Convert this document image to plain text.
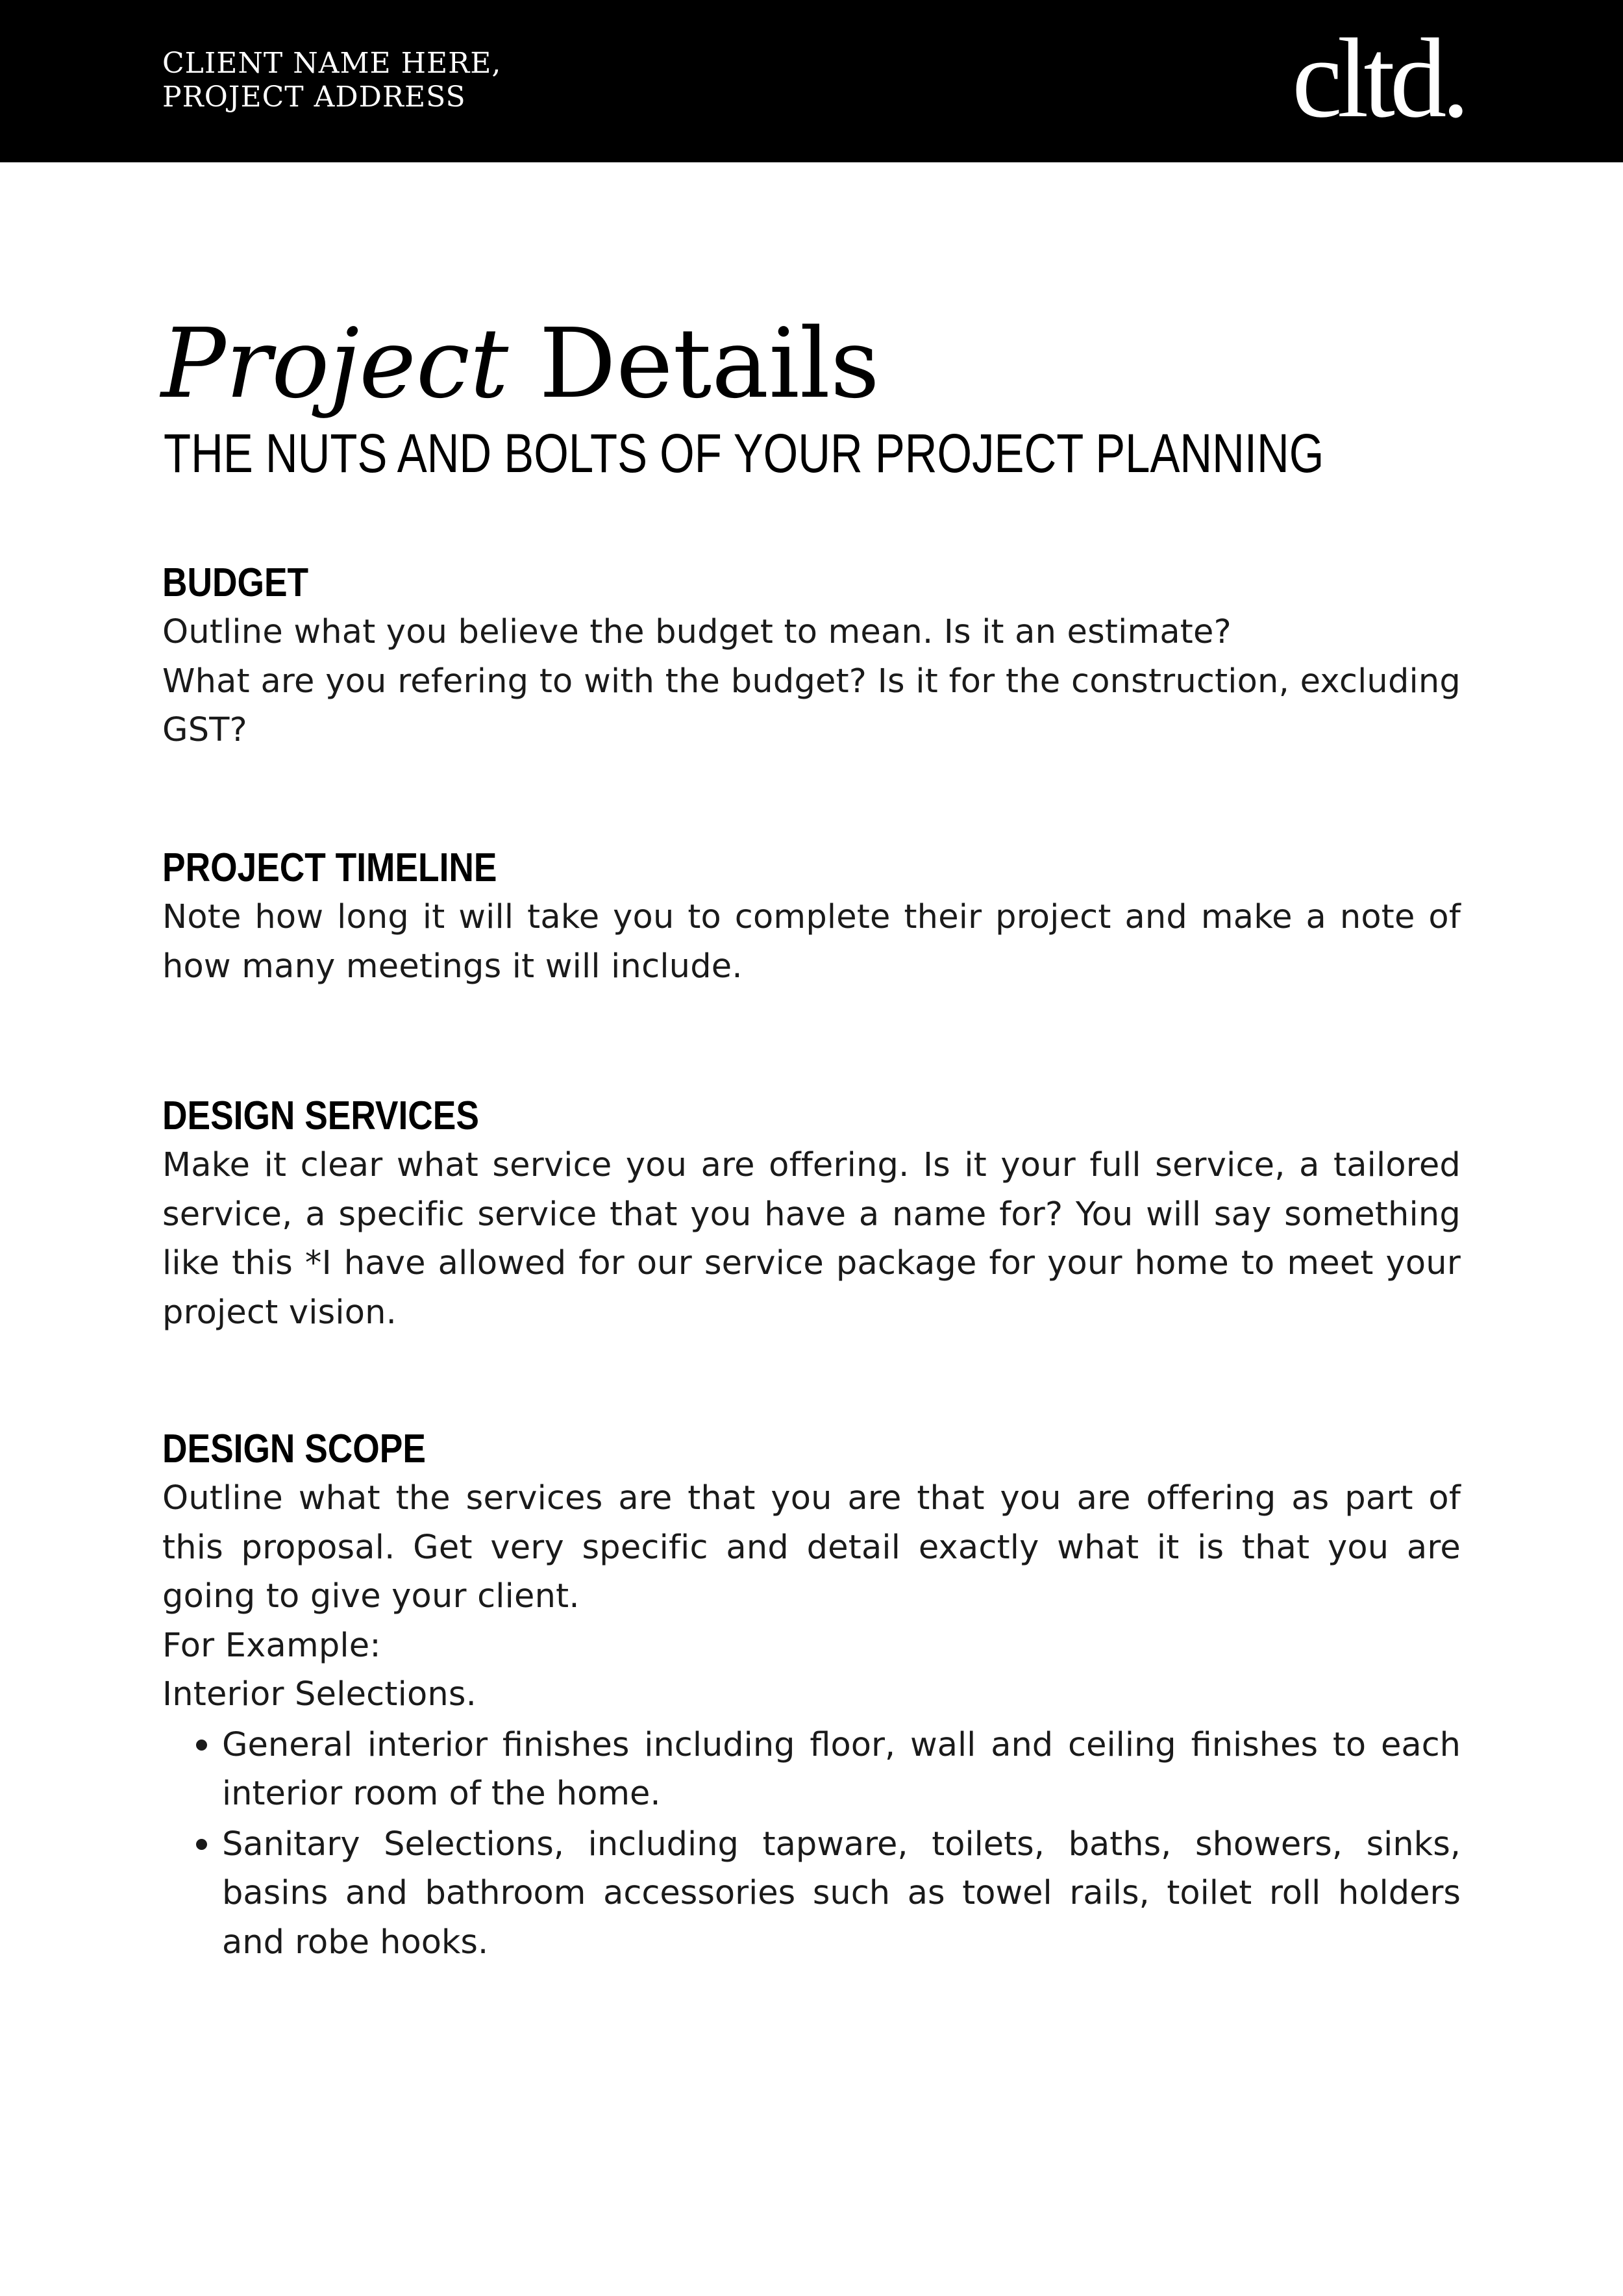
CLIENT NAME HERE,
PROJECT ADDRESS	cltd.
Project Details
THE NUTS AND BOLTS OF YOUR PROJECT PLANNING
BUDGET

Outline what you believe the budget to mean. Is it an estimate?

What are you refering to with the budget? Is it for the construction, excluding GST?

PROJECT TIMELINE

Note how long it will take you to complete their project and make a note of how many meetings it will include.

DESIGN SERVICES

Make it clear what service you are offering. Is it your full service, a tailored service, a specific service that you have a name for? You will say something like this *I have allowed for our service package for your home to meet your project vision.

DESIGN SCOPE

Outline what the services are that you are that you are offering as part of this proposal. Get very specific and detail exactly what it is that you are going to give your client.

For Example:

Interior Selections.

• General interior finishes including floor, wall and ceiling finishes to each interior room of the home.
• Sanitary Selections, including tapware, toilets, baths, showers, sinks, basins and bathroom accessories such as towel rails, toilet roll holders and robe hooks.
